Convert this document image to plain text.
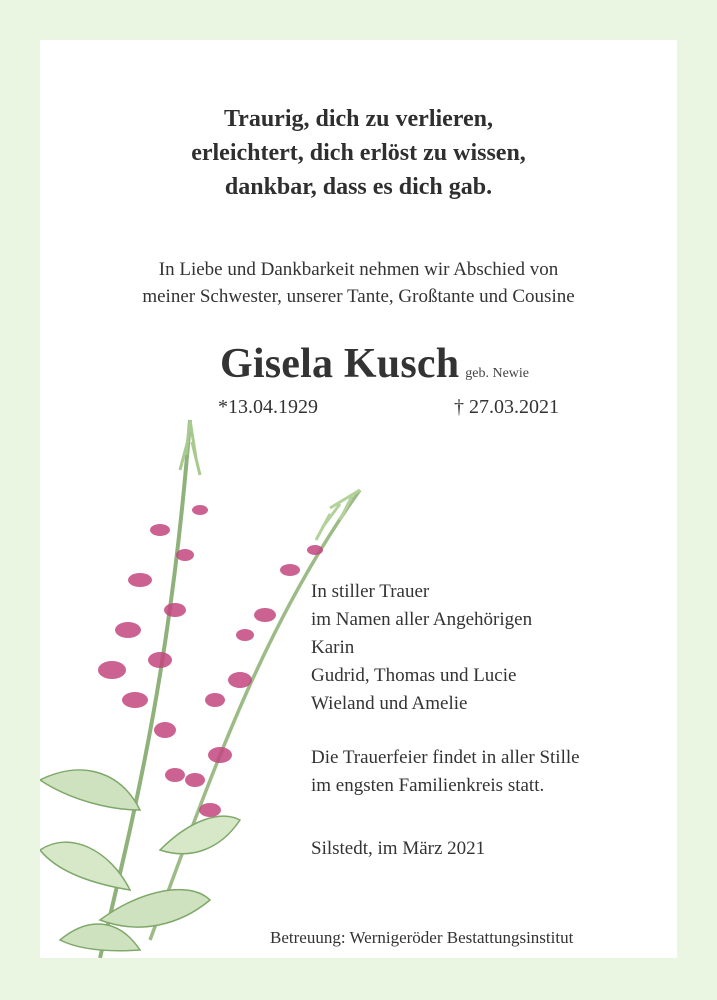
Traurig, dich zu verlieren,
erleichtert, dich erlöst zu wissen,
dankbar, dass es dich gab.
In Liebe und Dankbarkeit nehmen wir Abschied von
meiner Schwester, unserer Tante, Großtante und Cousine
Gisela Kusch geb. Newie
*13.04.1929	† 27.03.2021
In stiller Trauer
im Namen aller Angehörigen
Karin
Gudrid, Thomas und Lucie
Wieland und Amelie
Die Trauerfeier findet in aller Stille
im engsten Familienkreis statt.
Silstedt, im März 2021
Betreuung: Wernigeröder Bestattungsinstitut
